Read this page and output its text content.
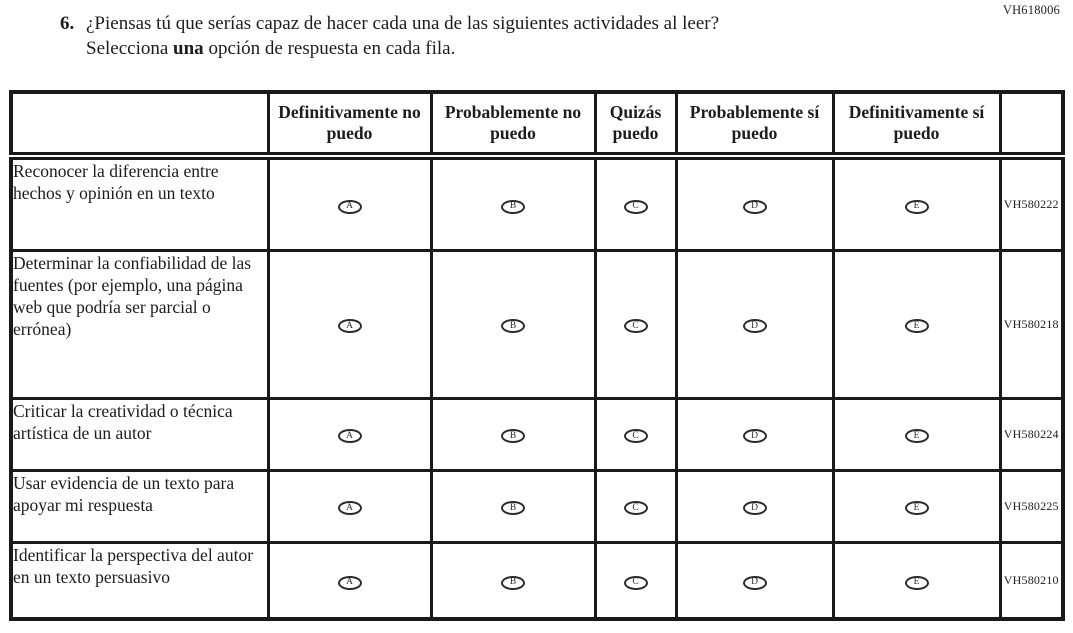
VH618006
6. ¿Piensas tú que serías capaz de hacer cada una de las siguientes actividades al leer? Selecciona una opción de respuesta en cada fila.
	Definitivamente no puedo	Probablemente no puedo	Quizás puedo	Probablemente sí puedo	Definitivamente sí puedo	
Reconocer la diferencia entre hechos y opinión en un texto	A	B	C	D	E	VH580222
Determinar la confiabilidad de las fuentes (por ejemplo, una página web que podría ser parcial o errónea)	A	B	C	D	E	VH580218
Criticar la creatividad o técnica artística de un autor	A	B	C	D	E	VH580224
Usar evidencia de un texto para apoyar mi respuesta	A	B	C	D	E	VH580225
Identificar la perspectiva del autor en un texto persuasivo	A	B	C	D	E	VH580210
